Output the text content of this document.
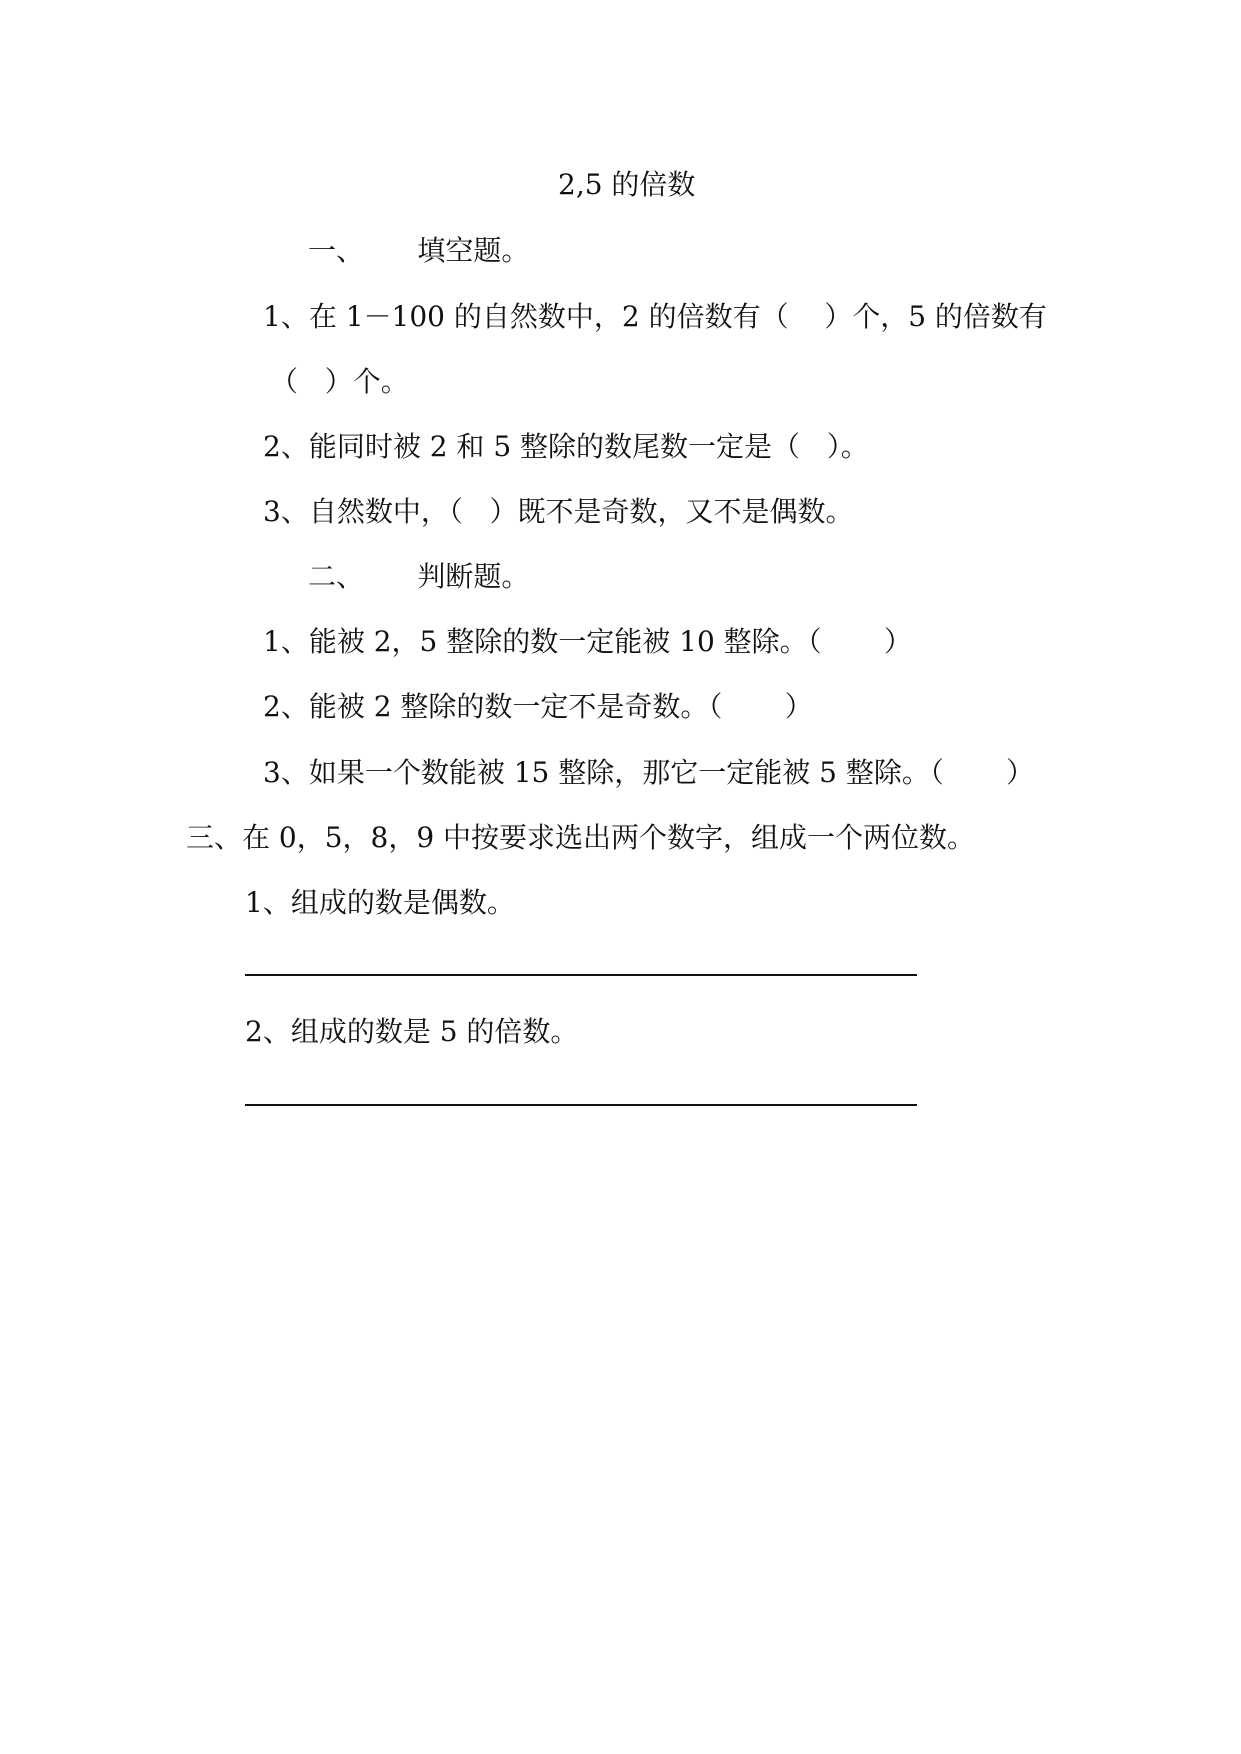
2,5 的倍数
一、      填空题。
1、在 1－100 的自然数中，2 的倍数有（    ）个，5 的倍数有
（   ）个。
2、能同时被 2 和 5 整除的数尾数一定是（   ）。
3、自然数中，（   ）既不是奇数，又不是偶数。
二、      判断题。
1、能被 2，5 整除的数一定能被 10 整除。（       ）
2、能被 2 整除的数一定不是奇数。（       ）
3、如果一个数能被 15 整除，那它一定能被 5 整除。（       ）
三、在 0，5，8，9 中按要求选出两个数字，组成一个两位数。
1、组成的数是偶数。
2、组成的数是 5 的倍数。
